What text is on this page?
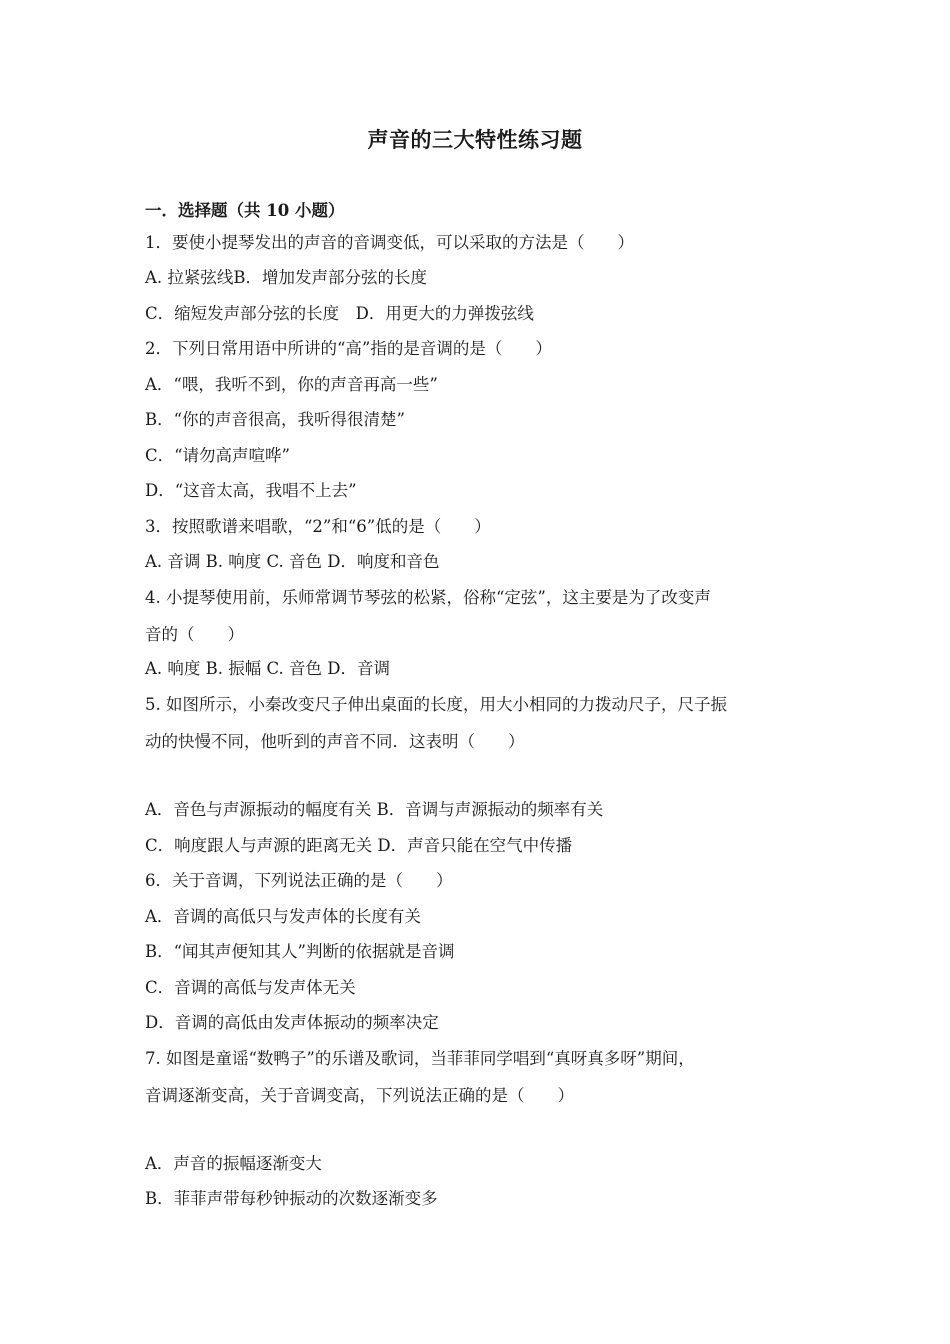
声音的三大特性练习题
一．选择题（共 10 小题）
1．要使小提琴发出的声音的音调变低，可以采取的方法是（　　）
A. 拉紧弦线B．增加发声部分弦的长度
C．缩短发声部分弦的长度　D．用更大的力弹拨弦线
2．下列日常用语中所讲的“高”指的是音调的是（　　）
A．“喂，我听不到，你的声音再高一些”
B．“你的声音很高，我听得很清楚”
C．“请勿高声喧哗”
D．“这音太高，我唱不上去”
3．按照歌谱来唱歌，“2”和“6”低的是（　　）
A. 音调 B. 响度 C. 音色 D．响度和音色
4. 小提琴使用前，乐师常调节琴弦的松紧，俗称“定弦”，这主要是为了改变声
音的（　　）
A. 响度 B. 振幅 C. 音色 D．音调
5. 如图所示，小秦改变尺子伸出桌面的长度，用大小相同的力拨动尺子，尺子振
动的快慢不同，他听到的声音不同．这表明（　　）
A．音色与声源振动的幅度有关 B．音调与声源振动的频率有关
C．响度跟人与声源的距离无关 D．声音只能在空气中传播
6．关于音调，下列说法正确的是（　　）
A．音调的高低只与发声体的长度有关
B．“闻其声便知其人”判断的依据就是音调
C．音调的高低与发声体无关
D．音调的高低由发声体振动的频率决定
7. 如图是童谣“数鸭子”的乐谱及歌词，当菲菲同学唱到“真呀真多呀”期间，
音调逐渐变高，关于音调变高，下列说法正确的是（　　）
A．声音的振幅逐渐变大
B．菲菲声带每秒钟振动的次数逐渐变多
